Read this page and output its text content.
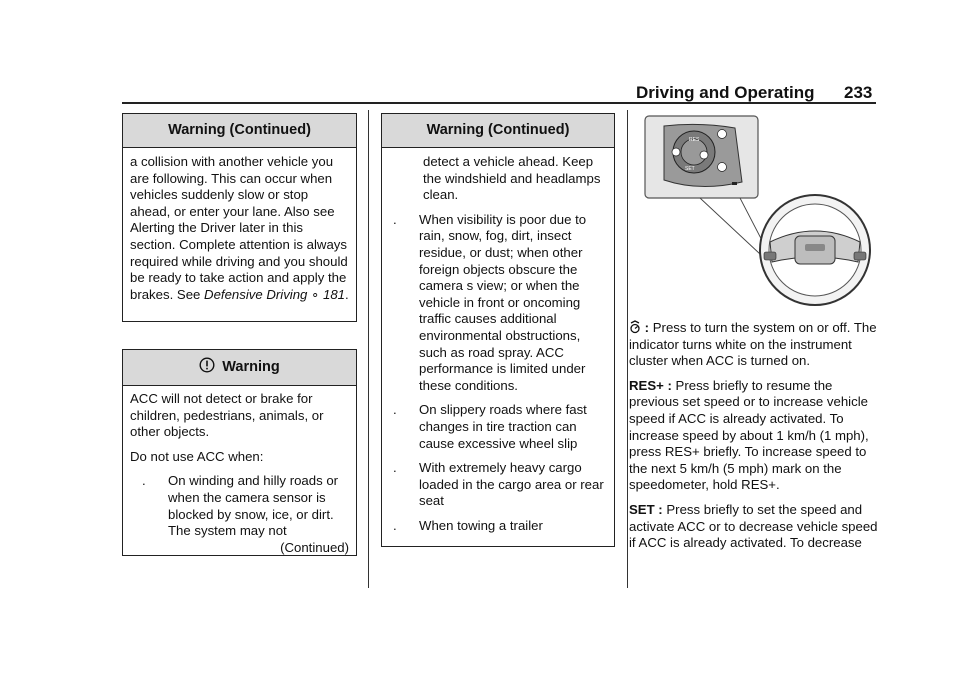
Driving and Operating 233
Warning (Continued)

a collision with another vehicle you are following. This can occur when vehicles suddenly slow or stop ahead, or enter your lane. Also see Alerting the Driver later in this section. Complete attention is always required while driving and you should be ready to take action and apply the brakes. See Defensive Driving ∘ 181.

Warning

ACC will not detect or brake for children, pedestrians, animals, or other objects.

Do not use ACC when:

.	On winding and hilly roads or when the camera sensor is blocked by snow, ice, or dirt. The system may not
(Continued)
Warning (Continued)
detect a vehicle ahead. Keep the windshield and headlamps clean.
.	When visibility is poor due to rain, snow, fog, dirt, insect residue, or dust; when other foreign objects obscure the camera s view; or when the vehicle in front or oncoming traffic causes additional environmental obstructions, such as road spray. ACC performance is limited under these conditions.
.	On slippery roads where fast changes in tire traction can cause excessive wheel slip
.	With extremely heavy cargo loaded in the cargo area or rear seat
.	When towing a trailer
RES
SET

: Press to turn the system on or off. The indicator turns white on the instrument cluster when ACC is turned on.

RES+ : Press briefly to resume the previous set speed or to increase vehicle speed if ACC is already activated. To increase speed by about 1 km/h (1 mph), press RES+ briefly. To increase speed to the next 5 km/h (5 mph) mark on the speedometer, hold RES+.

SET : Press briefly to set the speed and activate ACC or to decrease vehicle speed if ACC is already activated. To decrease
